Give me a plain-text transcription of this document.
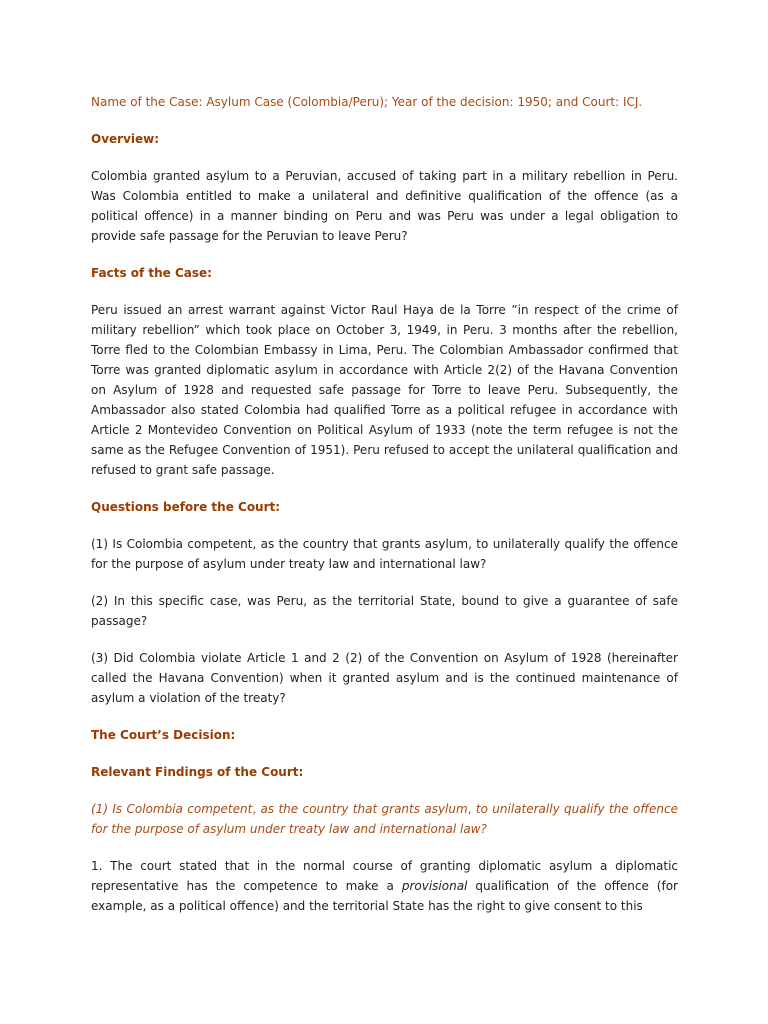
Name of the Case: Asylum Case (Colombia/Peru); Year of the decision: 1950; and Court: ICJ.

Overview:

Colombia granted asylum to a Peruvian, accused of taking part in a military rebellion in Peru. Was Colombia entitled to make a unilateral and definitive qualification of the offence (as a political offence) in a manner binding on Peru and was Peru was under a legal obligation to provide safe passage for the Peruvian to leave Peru?

Facts of the Case:

Peru issued an arrest warrant against Victor Raul Haya de la Torre ”in respect of the crime of military rebellion” which took place on October 3, 1949, in Peru. 3 months after the rebellion, Torre fled to the Colombian Embassy in Lima, Peru. The Colombian Ambassador confirmed that Torre was granted diplomatic asylum in accordance with Article 2(2) of the Havana Convention on Asylum of 1928 and requested safe passage for Torre to leave Peru. Subsequently, the Ambassador also stated Colombia had qualified Torre as a political refugee in accordance with Article 2 Montevideo Convention on Political Asylum of 1933 (note the term refugee is not the same as the Refugee Convention of 1951). Peru refused to accept the unilateral qualification and refused to grant safe passage.

Questions before the Court:

(1) Is Colombia competent, as the country that grants asylum, to unilaterally qualify the offence for the purpose of asylum under treaty law and international law?

(2) In this specific case, was Peru, as the territorial State, bound to give a guarantee of safe passage?

(3) Did Colombia violate Article 1 and 2 (2) of the Convention on Asylum of 1928 (hereinafter called the Havana Convention) when it granted asylum and is the continued maintenance of asylum a violation of the treaty?

The Court’s Decision:

Relevant Findings of the Court:

(1) Is Colombia competent, as the country that grants asylum, to unilaterally qualify the offence for the purpose of asylum under treaty law and international law?

1. The court stated that in the normal course of granting diplomatic asylum a diplomatic representative has the competence to make a provisional qualification of the offence (for example, as a political offence) and the territorial State has the right to give consent to this
